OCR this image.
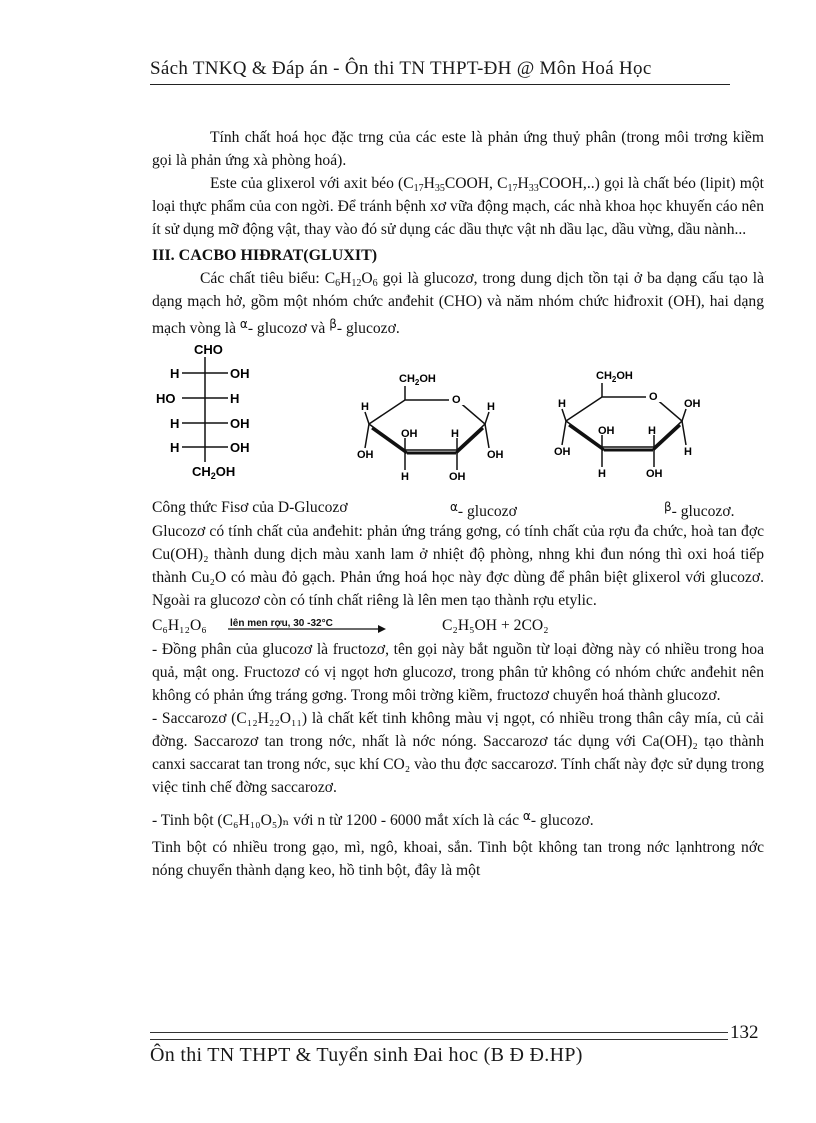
Sách TNKQ & Đáp án - Ôn thi TN THPT-ĐH @ Môn Hoá Học

Tính chất hoá học đặc trng của các este là phản ứng thuỷ phân (trong môi trơng kiềm gọi là phản ứng xà phòng hoá).

Este của glixerol với axit béo ($C_{17}H_{35}COOH$, $C_{17}H_{33}COOH$,..) gọi là chất béo (lipit) một loại thực phẩm của con ngời. Để tránh bệnh xơ vữa động mạch, các nhà khoa học khuyến cáo nên ít sử dụng mỡ động vật, thay vào đó sử dụng các dầu thực vật nh dầu lạc, dầu vừng, dầu nành...

III. CACBO HIĐRAT(GLUXIT)

Các chất tiêu biểu: $C_6H_{12}O_6$ gọi là glucozơ, trong dung dịch tồn tại ở ba dạng cấu tạo là dạng mạch hở, gồm một nhóm chức anđehit (CHO) và năm nhóm chức hiđroxit (OH), hai dạng mạch vòng là $^\alpha$- glucozơ và $^\beta$- glucozơ.

CHO
H	OH
HO	H
H	OH
H	OH
$CH_2OH$
$CH_2OH$
O
H
OH
OH
H
H
OH
H
OH
$CH_2OH$
O
H
OH
OH
H
H
OH
OH
H
Công thức Fisơ của D-Glucozơ	$^\alpha$- glucozơ	$^\beta$- glucozơ.

Glucozơ có tính chất của anđehit: phản ứng tráng gơng, có tính chất của rợu đa chức, hoà tan đợc Cu(OH)₂ thành dung dịch màu xanh lam ở nhiệt độ phòng, nhng khi đun nóng thì oxi hoá tiếp thành Cu₂O có màu đỏ gạch. Phản ứng hoá học này đợc dùng để phân biệt glixerol với glucozơ. Ngoài ra glucozơ còn có tính chất riêng là lên men tạo thành rợu etylic.

C₆H₁₂O₆ lên men rợu, 30 -32°C	C₂H₅OH + 2CO₂

- Đồng phân của glucozơ là fructozơ, tên gọi này bắt nguồn từ loại đờng này có nhiều trong hoa quả, mật ong. Fructozơ có vị ngọt hơn glucozơ, trong phân tử không có nhóm chức anđehit nên không có phản ứng tráng gơng. Trong môi trờng kiềm, fructozơ chuyển hoá thành glucozơ.

- Saccarozơ (C₁₂H₂₂O₁₁) là chất kết tinh không màu vị ngọt, có nhiều trong thân cây mía, củ cải đờng. Saccarozơ tan trong nớc, nhất là nớc nóng. Saccarozơ tác dụng với Ca(OH)₂ tạo thành canxi saccarat tan trong nớc, sục khí CO₂ vào thu đợc saccarozơ. Tính chất này đợc sử dụng trong việc tinh chế đờng saccarozơ.

- Tinh bột (C₆H₁₀O₅)ₙ với n từ 1200 - 6000 mắt xích là các $^\alpha$- glucozơ.

Tinh bột có nhiều trong gạo, mì, ngô, khoai, sắn. Tinh bột không tan trong nớc lạnhtrong nớc nóng chuyển thành dạng keo, hồ tinh bột, đây là một

132
Ôn thi TN THPT & Tuyển sinh Đai hoc (B Đ Đ.HP)
